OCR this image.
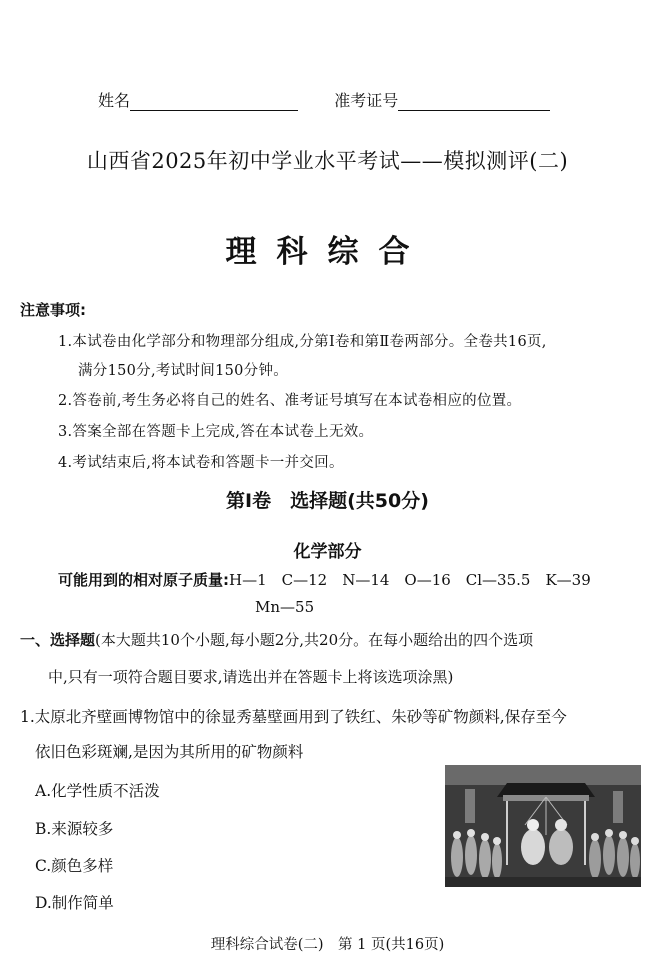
姓名	准考证号
山西省2025年初中学业水平考试——模拟测评(二)
理科综合
注意事项:
1.本试卷由化学部分和物理部分组成,分第Ⅰ卷和第Ⅱ卷两部分。全卷共16页,
满分150分,考试时间150分钟。
2.答卷前,考生务必将自己的姓名、准考证号填写在本试卷相应的位置。
3.答案全部在答题卡上完成,答在本试卷上无效。
4.考试结束后,将本试卷和答题卡一并交回。
第Ⅰ卷　选择题(共50分)
化学部分
可能用到的相对原子质量:H—1　C—12　N—14　O—16　Cl—35.5　K—39
Mn—55
一、选择题(本大题共10个小题,每小题2分,共20分。在每小题给出的四个选项
中,只有一项符合题目要求,请选出并在答题卡上将该选项涂黑)
1.太原北齐壁画博物馆中的徐显秀墓壁画用到了铁红、朱砂等矿物颜料,保存至今
依旧色彩斑斓,是因为其所用的矿物颜料
A.化学性质不活泼
B.来源较多
C.颜色多样
D.制作简单
理科综合试卷(二)　第 1 页(共16页)
